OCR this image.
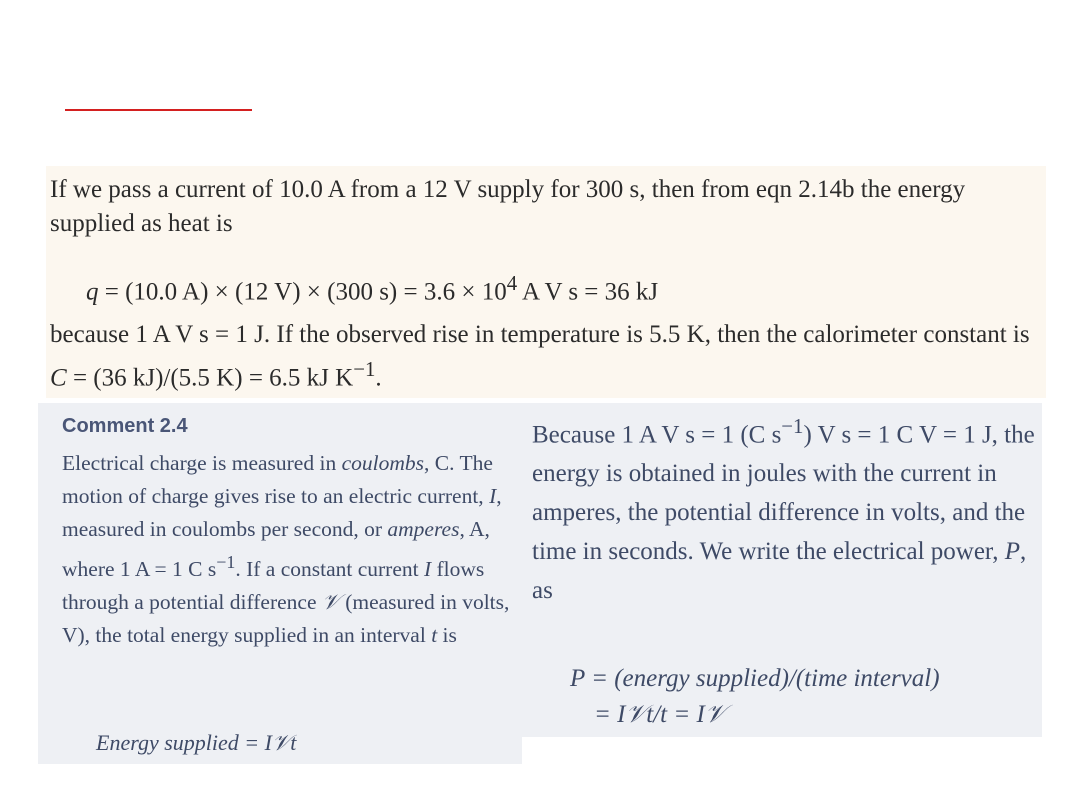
If we pass a current of 10.0 A from a 12 V supply for 300 s, then from eqn 2.14b the energy supplied as heat is
q = (10.0 A) × (12 V) × (300 $s) = 3.6 \times 10^4$ A V s = 36 kJ
because 1 A V s = 1 J. If the observed rise in temperature is 5.5 K, then the calorimeter constant is C = (36 kJ)/(5.5 K) = 6.5 kJ $K^{-1}$.
Comment 2.4
Electrical charge is measured in coulombs, C. The motion of charge gives rise to an electric current, I, measured in coulombs per second, or amperes, A, where 1 A = 1 C $s^{-1}$. If a constant current I flows through a potential difference 𝒱 (measured in volts, V), the total energy supplied in an interval t is
Energy supplied = I𝒱t
Because 1 A V s = 1 (C $s^{-1}$) V s = 1 C V = 1 J, the energy is obtained in joules with the current in amperes, the potential difference in volts, and the time in seconds. We write the electrical power, P, as
P = (energy supplied)/(time interval)
= I𝒱t/t = I𝒱
